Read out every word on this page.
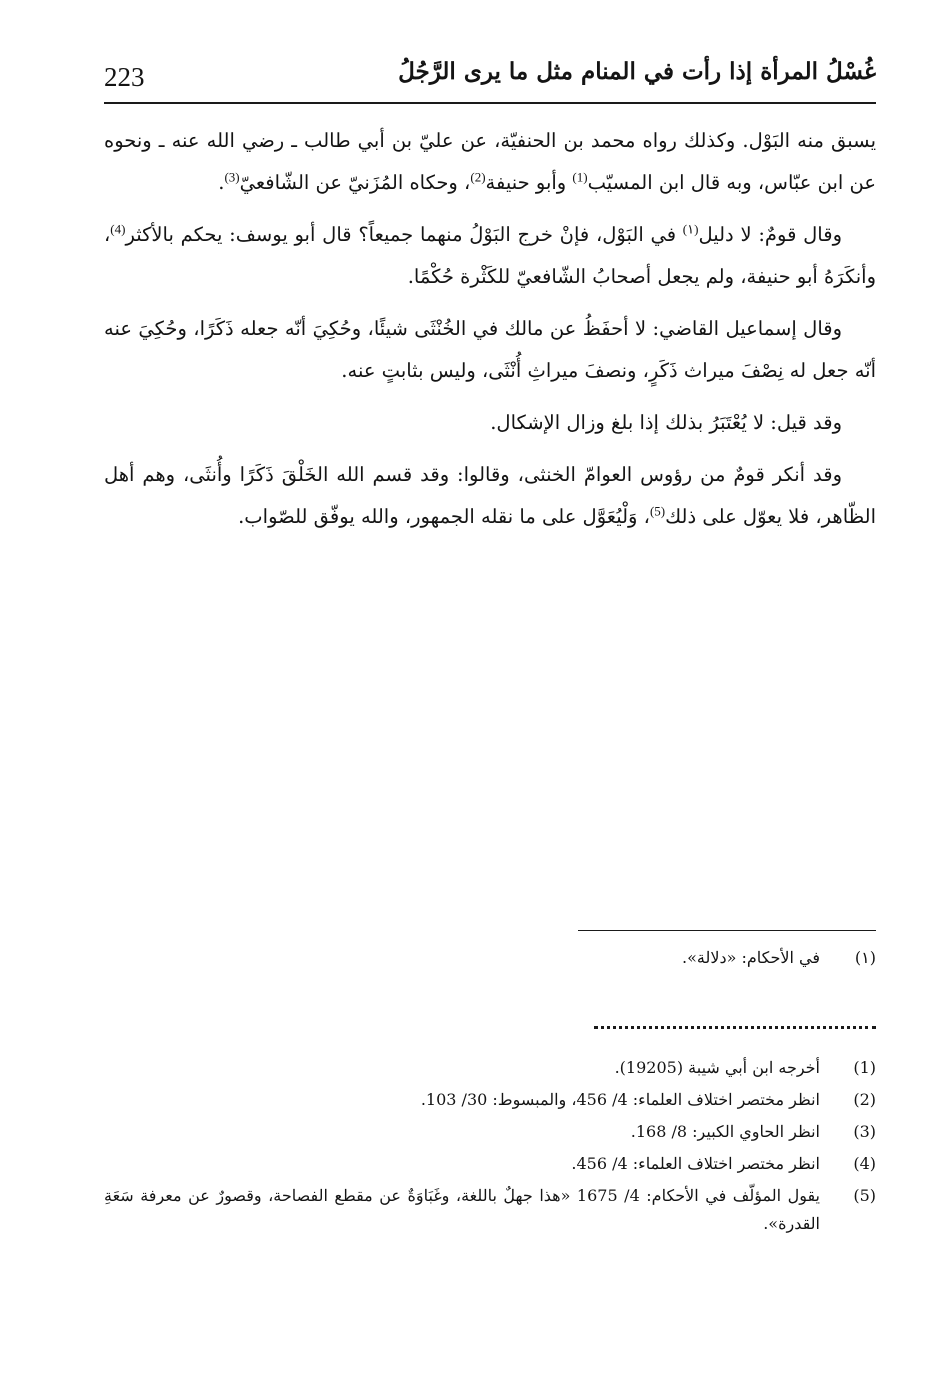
223	غُسْلُ المرأة إذا رأت في المنام مثل ما يرى الرَّجُلُ

يسبق منه البَوْل. وكذلك رواه محمد بن الحنفيّة، عن عليّ بن أبي طالب ـ رضي الله عنه ـ ونحوه عن ابن عبّاس، وبه قال ابن المسيّب$^{(1)}$ وأبو حنيفة$^{(2)}$، وحكاه المُزَنيّ عن الشّافعيّ$^{(3)}$.

وقال قومٌ: لا دليل$^{(١)}$ في البَوْل، فإنْ خرج البَوْلُ منهما جميعاً؟ قال أبو يوسف: يحكم بالأكثر$^{(4)}$، وأنكَرَهُ أبو حنيفة، ولم يجعل أصحابُ الشّافعيّ للكَثْرة حُكْمًا.

وقال إسماعيل القاضي: لا أحفَظُ عن مالك في الخُنْثَى شيئًا، وحُكِيَ أنّه جعله ذَكَرًا، وحُكِيَ عنه أنّه جعل له نِصْفَ ميراث ذَكَرٍ، ونصفَ ميراثِ أُنْثَى، وليس بثابتٍ عنه.

وقد قيل: لا يُعْتَبَرُ بذلك إذا بلغ وزال الإشكال.

وقد أنكر قومٌ من رؤوس العوامّ الخنثى، وقالوا: وقد قسم الله الخَلْقَ ذَكَرًا وأُنثَى، وهم أهل الظّاهر، فلا يعوّل على ذلك$^{(5)}$، وَلْيُعَوَّل على ما نقله الجمهور، والله يوفّق للصّواب.

(١)
في الأحكام: «دلالة».
(1)
أخرجه ابن أبي شيبة (19205).
(2)
انظر مختصر اختلاف العلماء: 4/ 456، والمبسوط: 30/ 103.
(3)
انظر الحاوي الكبير: 8/ 168.
(4)
انظر مختصر اختلاف العلماء: 4/ 456.
(5)
يقول المؤلّف في الأحكام: 4/ 1675 «هذا جهلٌ باللغة، وغَبَاوَةٌ عن مقطع الفصاحة، وقصورٌ عن معرفة سَعَةِ القدرة».
